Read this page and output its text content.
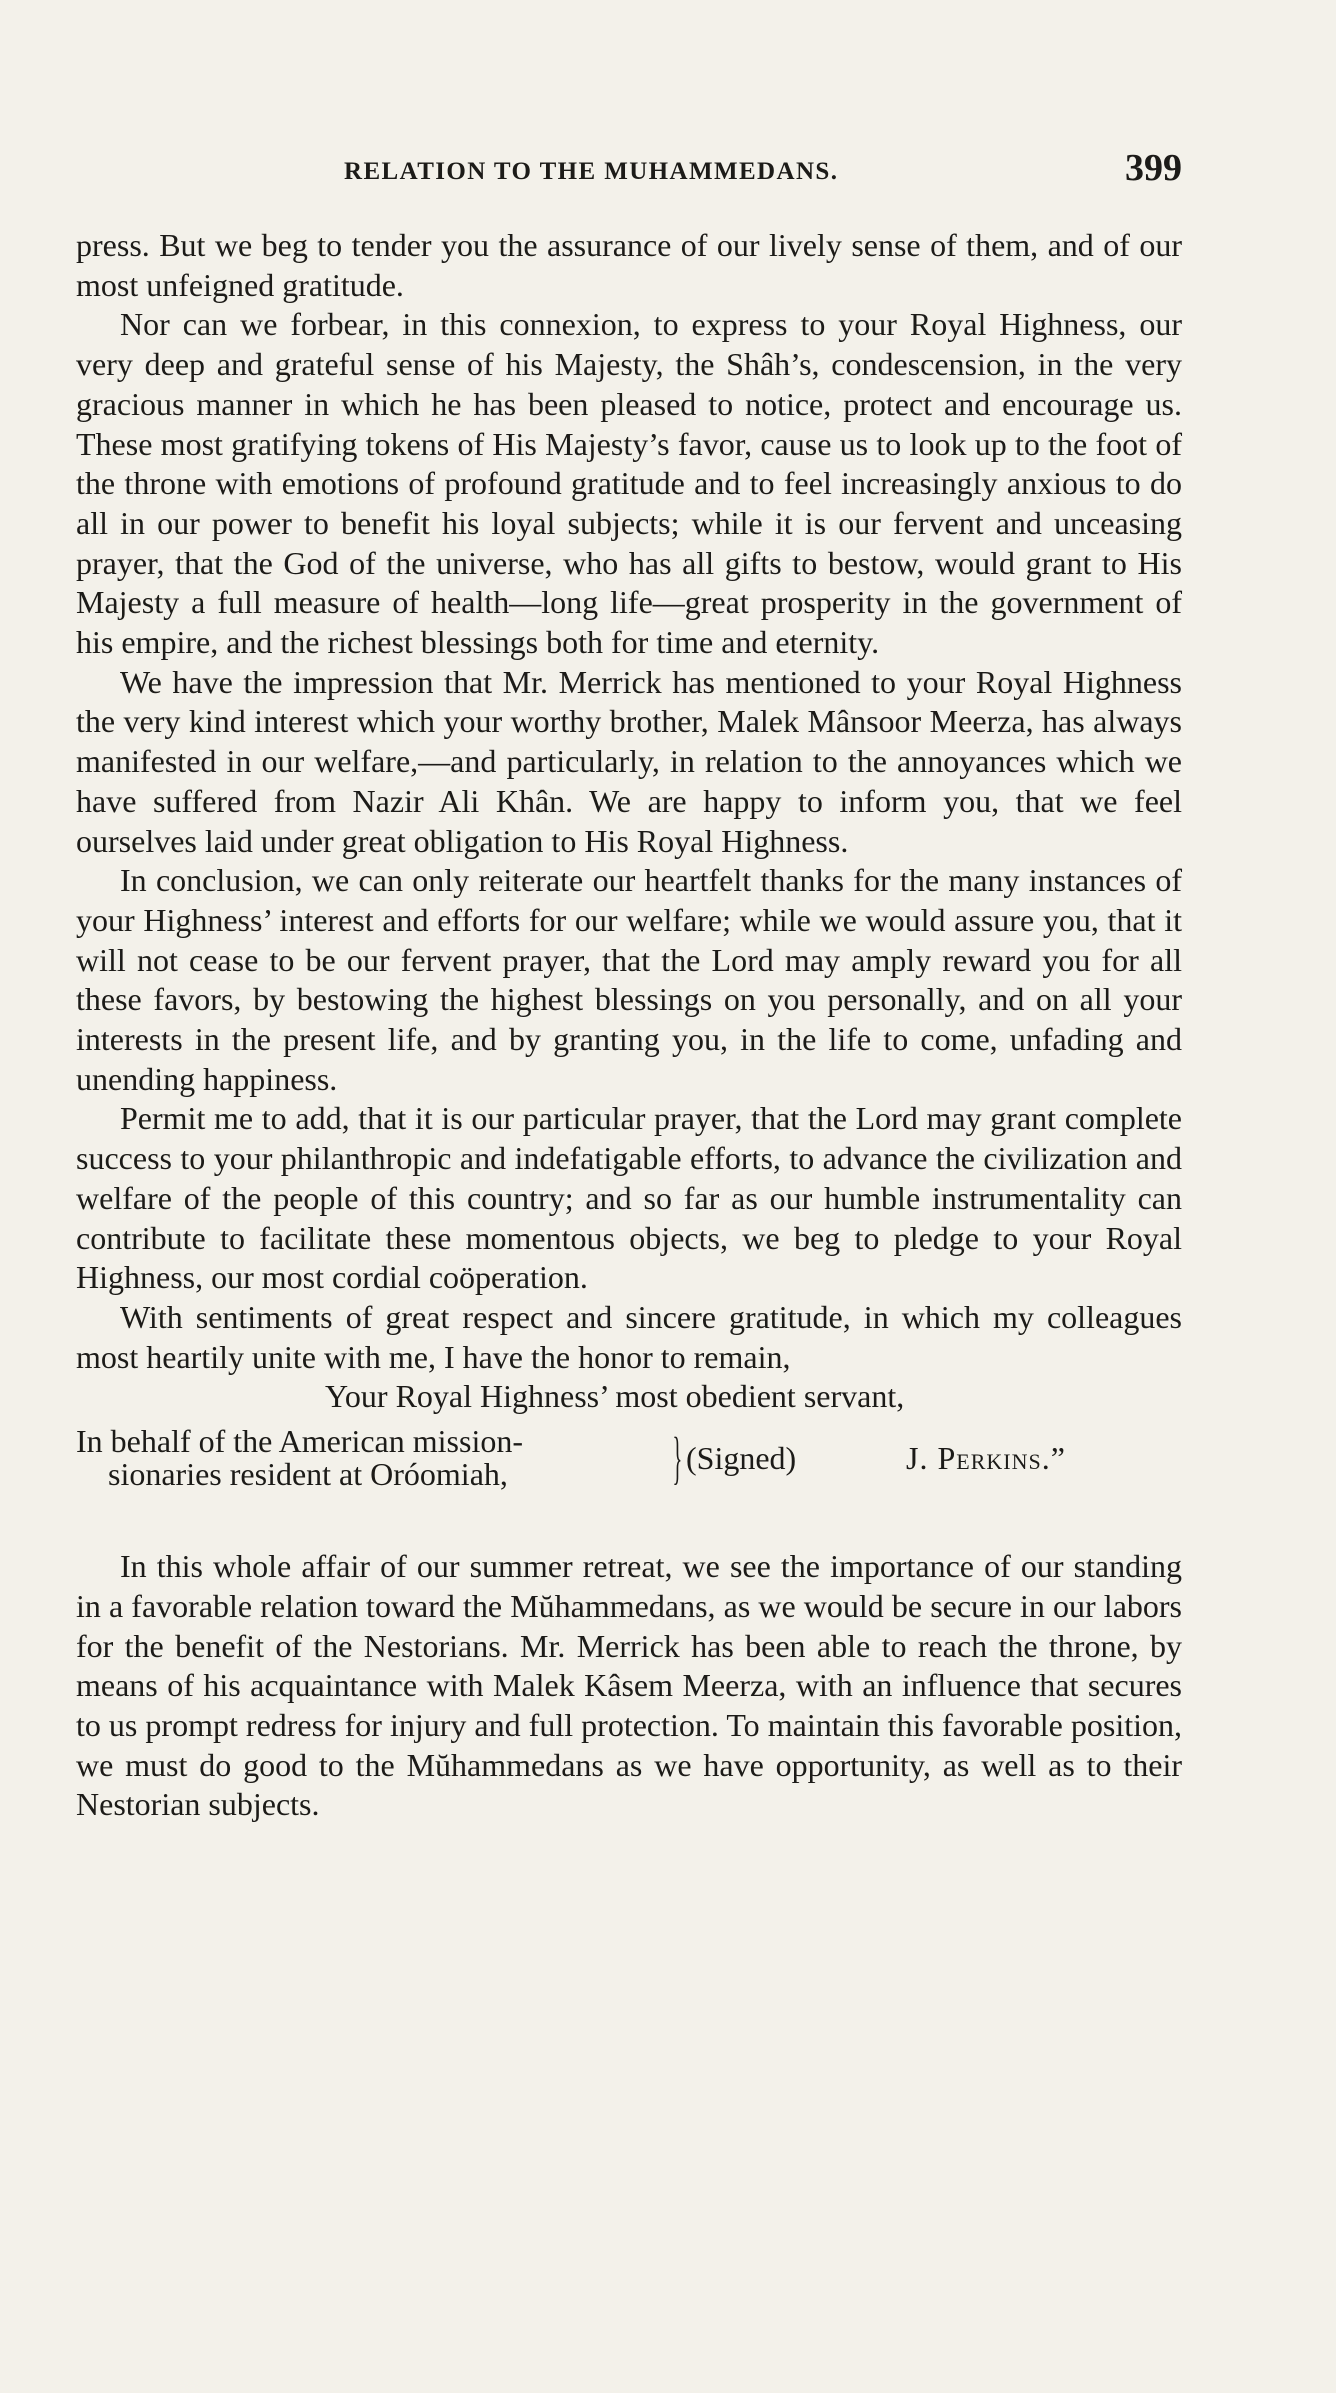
RELATION TO THE MUHAMMEDANS.	399

press. But we beg to tender you the assurance of our lively sense of them, and of our most unfeigned gratitude.

Nor can we forbear, in this connexion, to express to your Royal Highness, our very deep and grateful sense of his Majesty, the Shâh’s, condescension, in the very gracious manner in which he has been pleased to notice, protect and encourage us. These most gratifying tokens of His Majesty’s favor, cause us to look up to the foot of the throne with emotions of profound gratitude and to feel increasingly anxious to do all in our power to benefit his loyal subjects; while it is our fervent and unceasing prayer, that the God of the universe, who has all gifts to bestow, would grant to His Majesty a full measure of health—long life—great prosperity in the government of his empire, and the richest blessings both for time and eternity.

We have the impression that Mr. Merrick has mentioned to your Royal Highness the very kind interest which your worthy brother, Malek Mânsoor Meerza, has always manifested in our welfare,—and particularly, in relation to the annoyances which we have suffered from Nazir Ali Khân. We are happy to inform you, that we feel ourselves laid under great obligation to His Royal Highness.

In conclusion, we can only reiterate our heartfelt thanks for the many instances of your Highness’ interest and efforts for our welfare; while we would assure you, that it will not cease to be our fervent prayer, that the Lord may amply reward you for all these favors, by bestowing the highest blessings on you personally, and on all your interests in the present life, and by granting you, in the life to come, unfading and unending happiness.

Permit me to add, that it is our particular prayer, that the Lord may grant complete success to your philanthropic and indefatigable efforts, to advance the civilization and welfare of the people of this country; and so far as our humble instrumentality can contribute to facilitate these momentous objects, we beg to pledge to your Royal Highness, our most cordial coöperation.

With sentiments of great respect and sincere gratitude, in which my colleagues most heartily unite with me, I have the honor to remain,

Your Royal Highness’ most obedient servant,

In behalf of the American mission-
sionaries resident at Oróomiah,	} (Signed)	J. Perkins.”

In this whole affair of our summer retreat, we see the importance of our standing in a favorable relation toward the Mŭhammedans, as we would be secure in our labors for the benefit of the Nestorians. Mr. Merrick has been able to reach the throne, by means of his acquaintance with Malek Kâsem Meerza, with an influence that secures to us prompt redress for injury and full protection. To maintain this favorable position, we must do good to the Mŭhammedans as we have opportunity, as well as to their Nestorian subjects.
